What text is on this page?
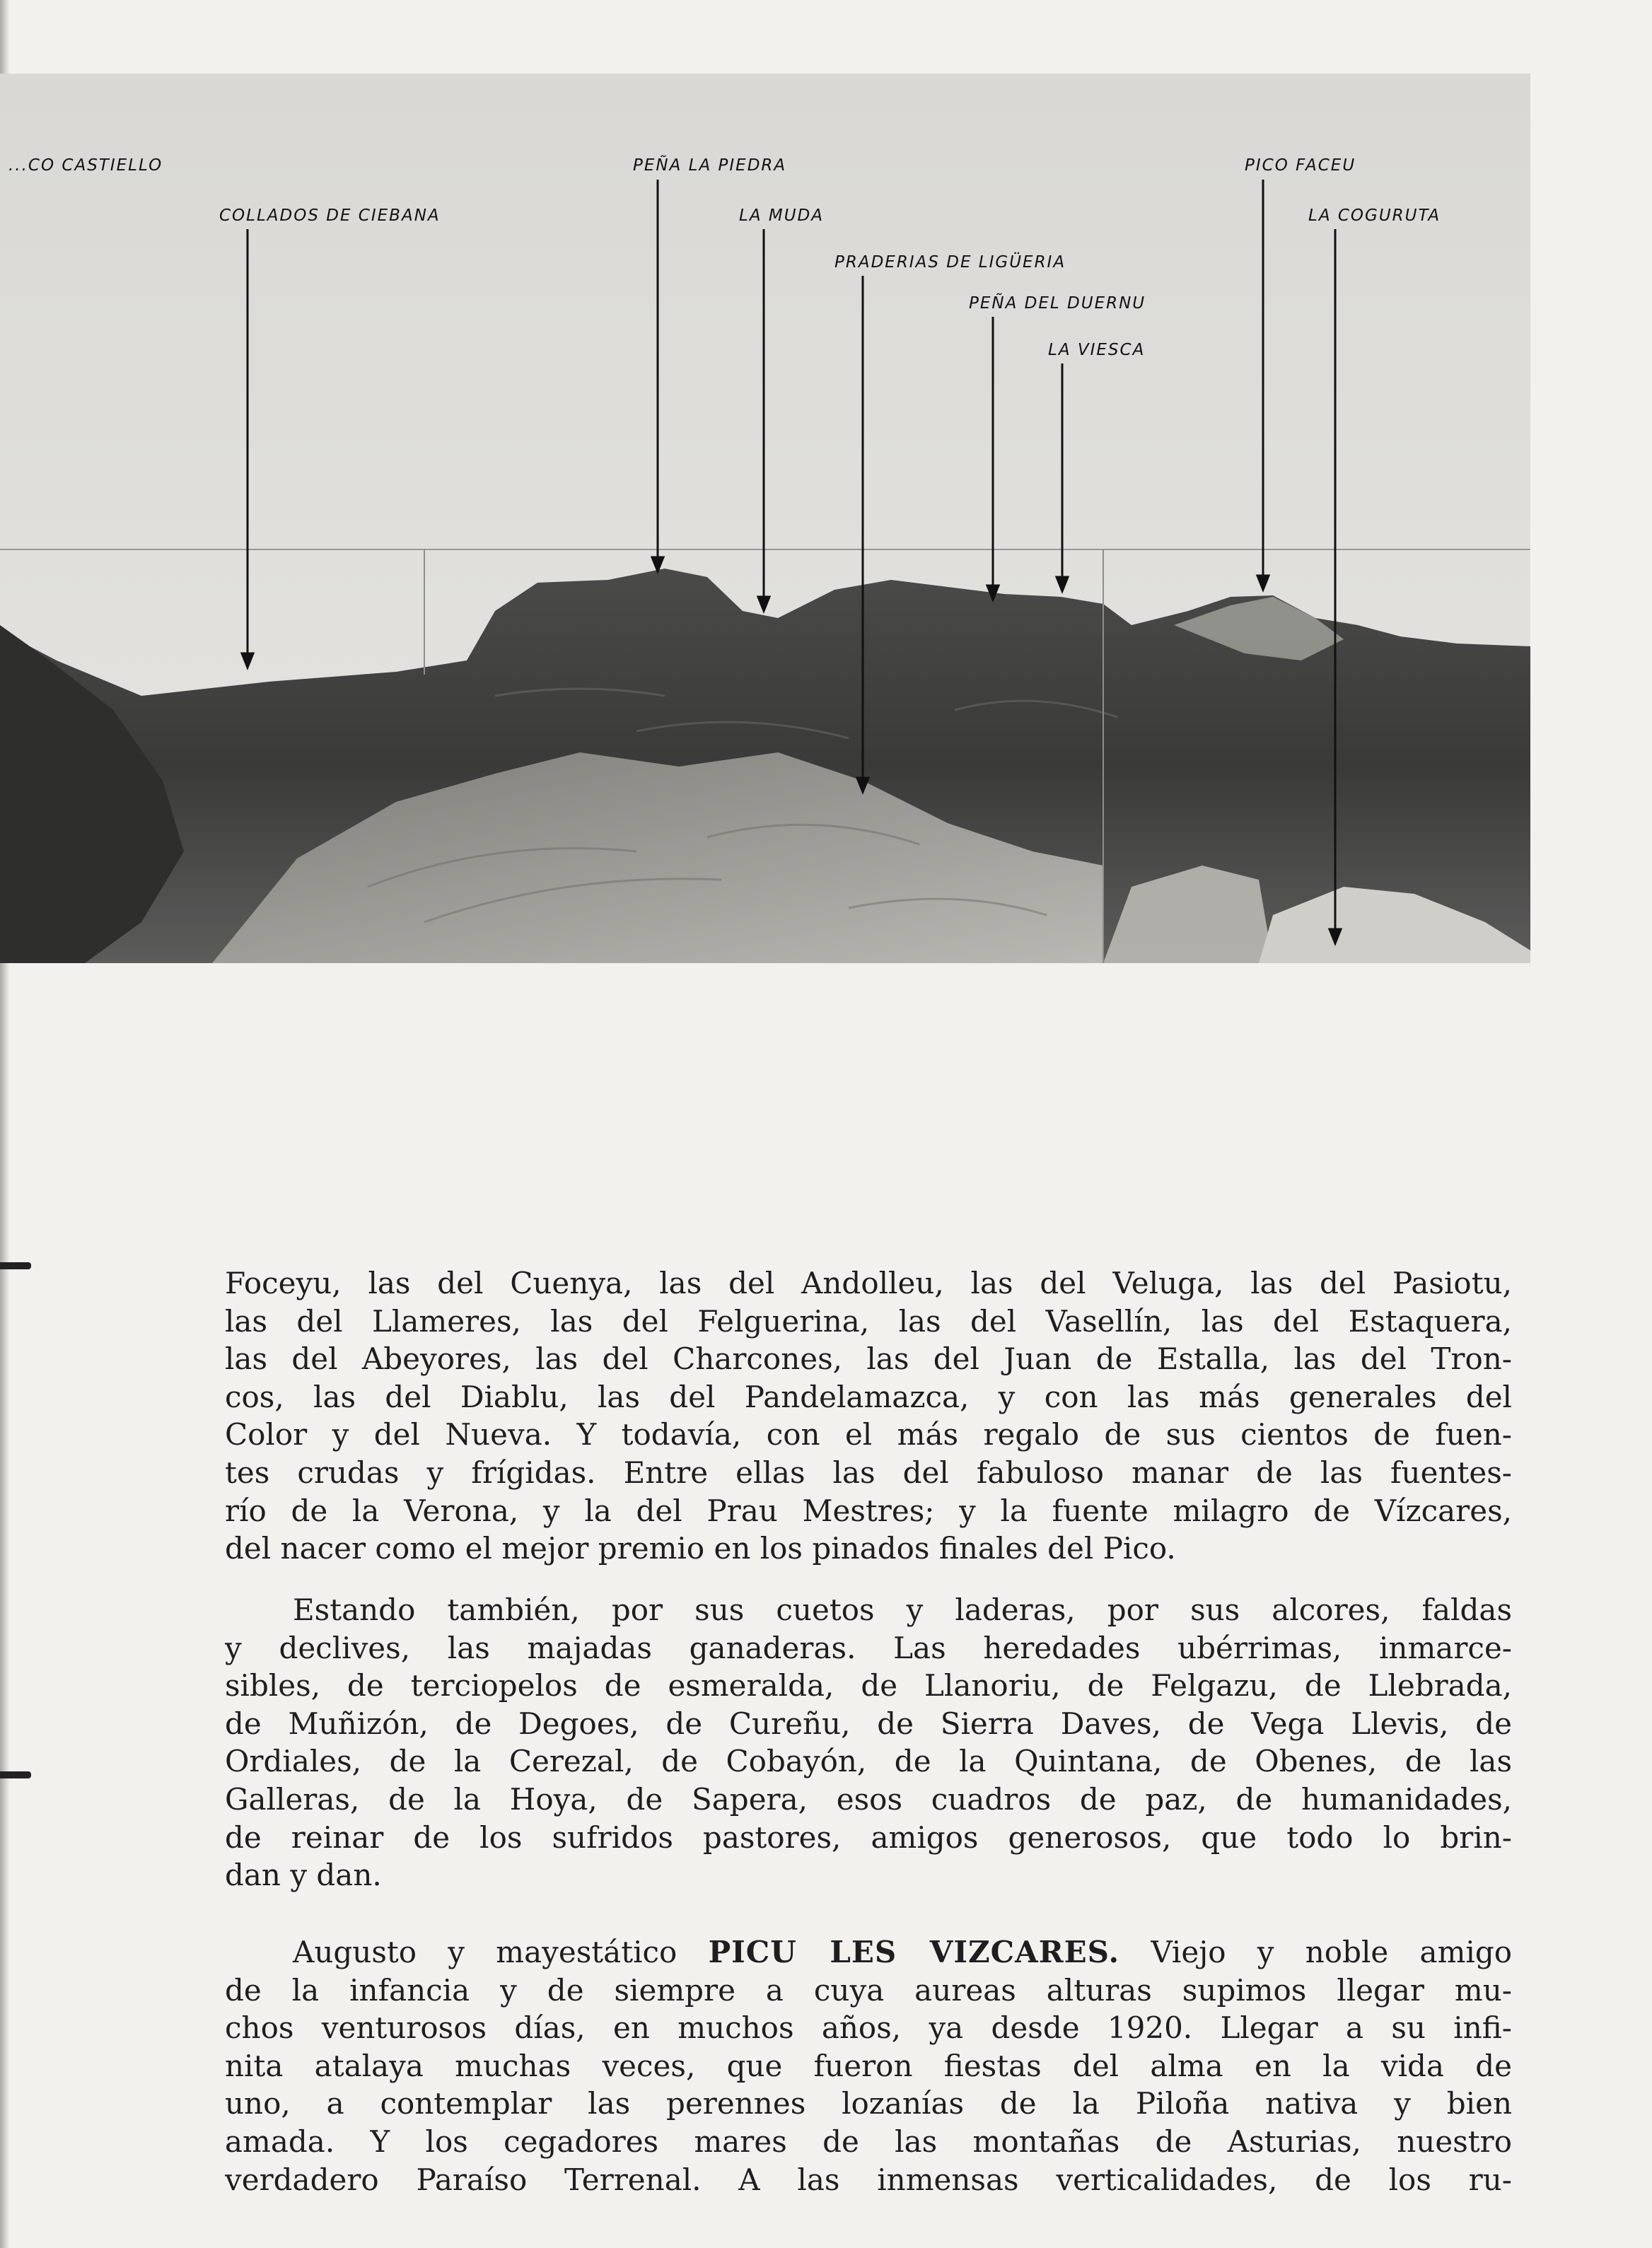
...CO CASTIELLO
COLLADOS DE CIEBANA
PEÑA LA PIEDRA
LA MUDA
PRADERIAS DE LIGÜERIA
PEÑA DEL DUERNU
LA VIESCA
PICO FACEU
LA COGURUTA
Foceyu, las del Cuenya, las del Andolleu, las del Veluga, las del Pasiotu,
las del Llameres, las del Felguerina, las del Vasellín, las del Estaquera,
las del Abeyores, las del Charcones, las del Juan de Estalla, las del Tron-
cos, las del Diablu, las del Pandelamazca, y con las más generales del
Color y del Nueva. Y todavía, con el más regalo de sus cientos de fuen-
tes crudas y frígidas. Entre ellas las del fabuloso manar de las fuentes-
río de la Verona, y la del Prau Mestres; y la fuente milagro de Vízcares,
del nacer como el mejor premio en los pinados finales del Pico.
Estando también, por sus cuetos y laderas, por sus alcores, faldas
y declives, las majadas ganaderas. Las heredades ubérrimas, inmarce-
sibles, de terciopelos de esmeralda, de Llanoriu, de Felgazu, de Llebrada,
de Muñizón, de Degoes, de Cureñu, de Sierra Daves, de Vega Llevis, de
Ordiales, de la Cerezal, de Cobayón, de la Quintana, de Obenes, de las
Galleras, de la Hoya, de Sapera, esos cuadros de paz, de humanidades,
de reinar de los sufridos pastores, amigos generosos, que todo lo brin-
dan y dan.
Augusto y mayestático PICU LES VIZCARES. Viejo y noble amigo
de la infancia y de siempre a cuya aureas alturas supimos llegar mu-
chos venturosos días, en muchos años, ya desde 1920. Llegar a su infi-
nita atalaya muchas veces, que fueron fiestas del alma en la vida de
uno, a contemplar las perennes lozanías de la Piloña nativa y bien
amada. Y los cegadores mares de las montañas de Asturias, nuestro
verdadero Paraíso Terrenal. A las inmensas verticalidades, de los ru-
